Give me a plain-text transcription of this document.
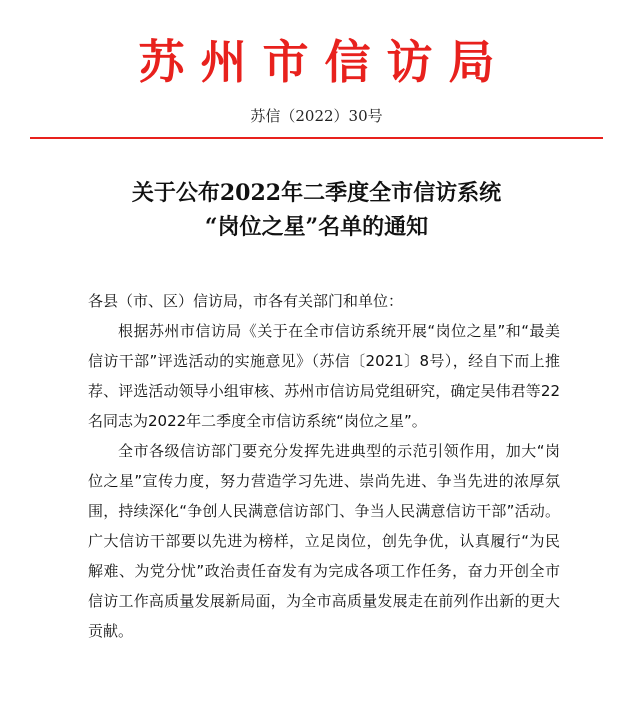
苏州市信访局
苏信（2022）30号
关于公布2022年二季度全市信访系统
“岗位之星”名单的通知

各县（市、区）信访局，市各有关部门和单位：

根据苏州市信访局《关于在全市信访系统开展“岗位之星”和“最美信访干部”评选活动的实施意见》（苏信〔2021〕8号），经自下而上推荐、评选活动领导小组审核、苏州市信访局党组研究，确定吴伟君等22名同志为2022年二季度全市信访系统“岗位之星”。

全市各级信访部门要充分发挥先进典型的示范引领作用，加大“岗位之星”宣传力度，努力营造学习先进、崇尚先进、争当先进的浓厚氛围，持续深化“争创人民满意信访部门、争当人民满意信访干部”活动。广大信访干部要以先进为榜样，立足岗位，创先争优，认真履行“为民解难、为党分忧”政治责任奋发有为完成各项工作任务，奋力开创全市信访工作高质量发展新局面，为全市高质量发展走在前列作出新的更大贡献。
